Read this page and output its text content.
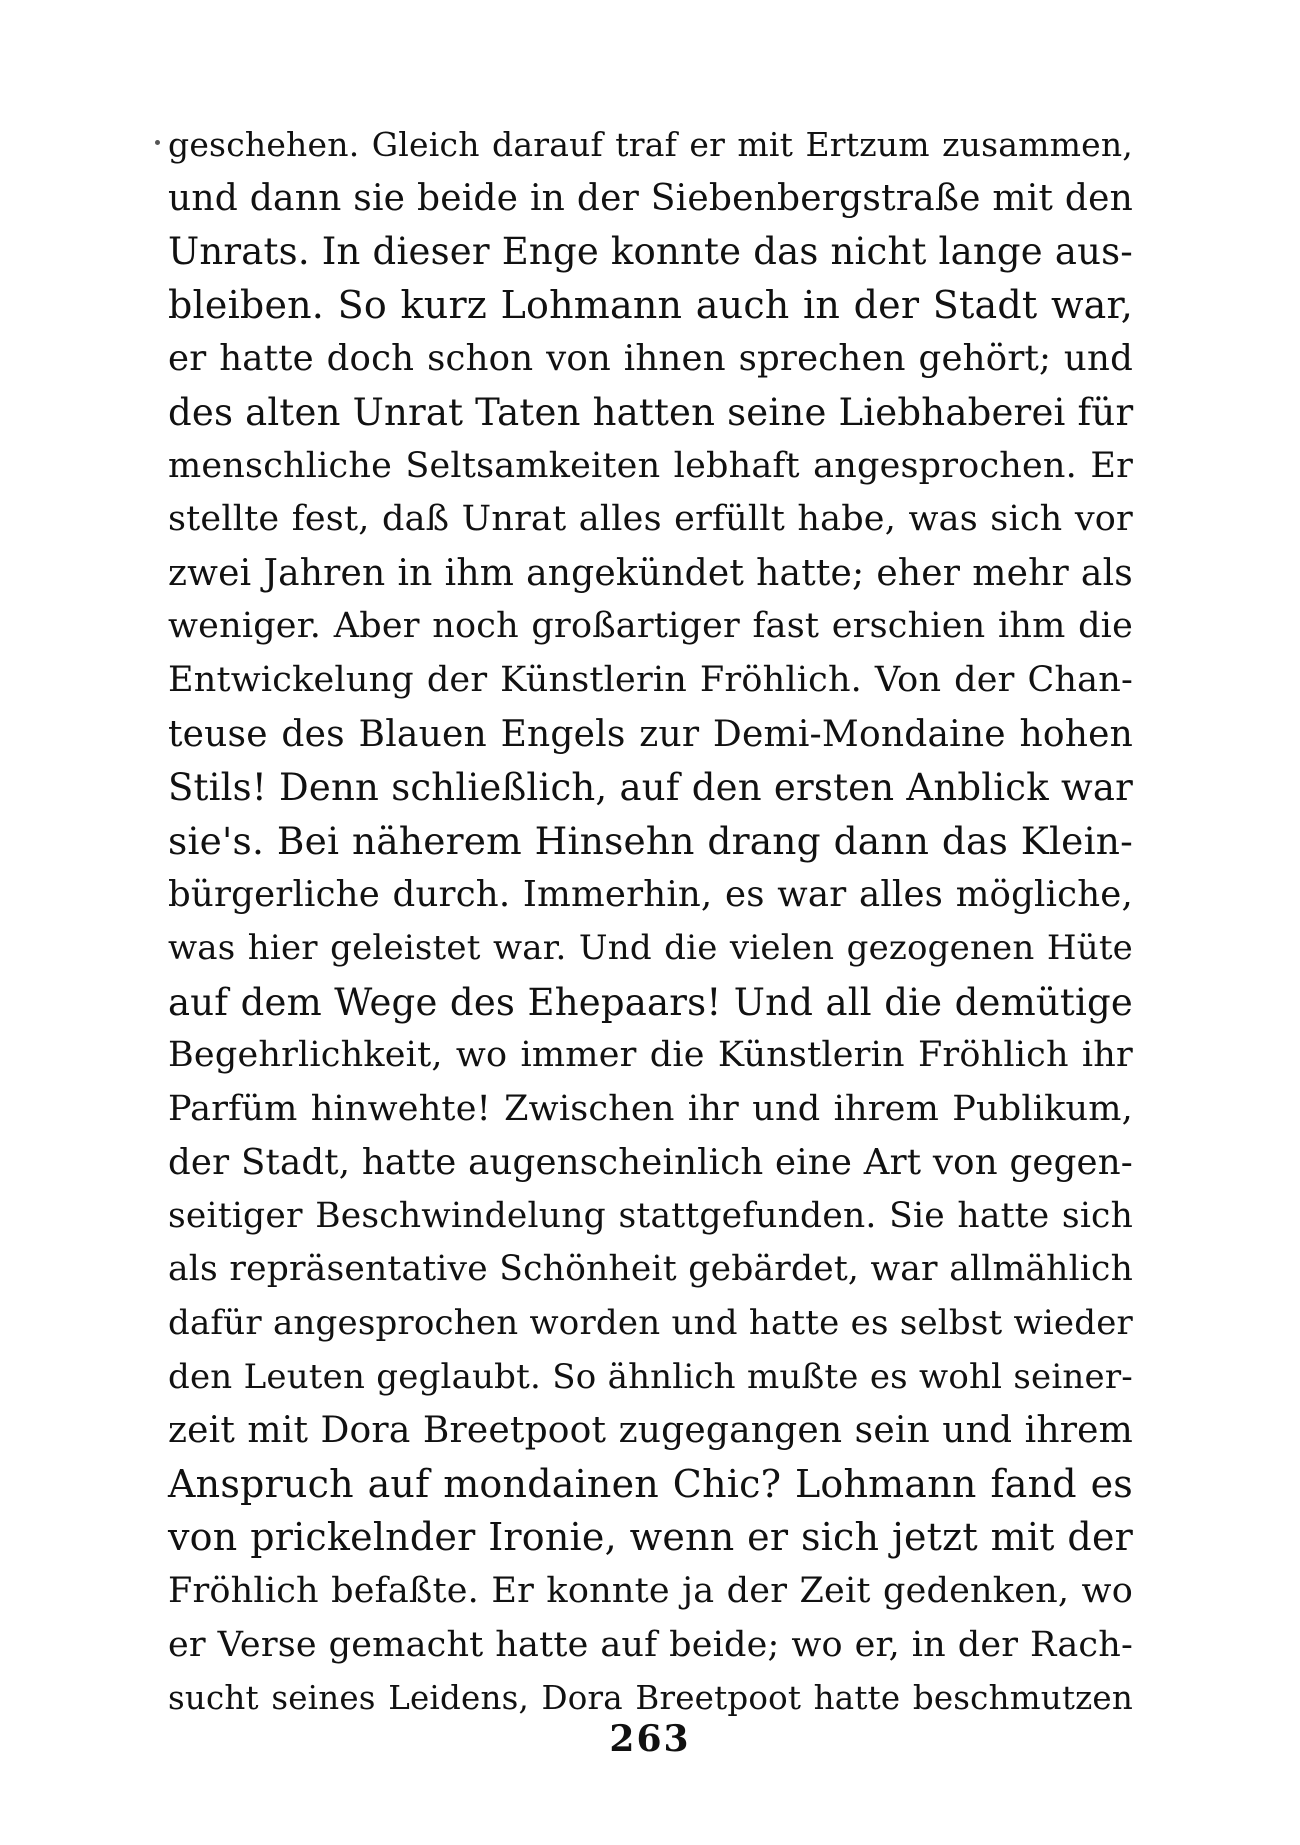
geschehen. Gleich darauf traf er mit Ertzum zusammen,
und dann sie beide in der Siebenbergstraße mit den
Unrats. In dieser Enge konnte das nicht lange aus-
bleiben. So kurz Lohmann auch in der Stadt war,
er hatte doch schon von ihnen sprechen gehört; und
des alten Unrat Taten hatten seine Liebhaberei für
menschliche Seltsamkeiten lebhaft angesprochen. Er
stellte fest, daß Unrat alles erfüllt habe, was sich vor
zwei Jahren in ihm angekündet hatte; eher mehr als
weniger. Aber noch großartiger fast erschien ihm die
Entwickelung der Künstlerin Fröhlich. Von der Chan-
teuse des Blauen Engels zur Demi-Mondaine hohen
Stils! Denn schließlich, auf den ersten Anblick war
sie's. Bei näherem Hinsehn drang dann das Klein-
bürgerliche durch. Immerhin, es war alles mögliche,
was hier geleistet war. Und die vielen gezogenen Hüte
auf dem Wege des Ehepaars! Und all die demütige
Begehrlichkeit, wo immer die Künstlerin Fröhlich ihr
Parfüm hinwehte! Zwischen ihr und ihrem Publikum,
der Stadt, hatte augenscheinlich eine Art von gegen-
seitiger Beschwindelung stattgefunden. Sie hatte sich
als repräsentative Schönheit gebärdet, war allmählich
dafür angesprochen worden und hatte es selbst wieder
den Leuten geglaubt. So ähnlich mußte es wohl seiner-
zeit mit Dora Breetpoot zugegangen sein und ihrem
Anspruch auf mondainen Chic? Lohmann fand es
von prickelnder Ironie, wenn er sich jetzt mit der
Fröhlich befaßte. Er konnte ja der Zeit gedenken, wo
er Verse gemacht hatte auf beide; wo er, in der Rach-
sucht seines Leidens, Dora Breetpoot hatte beschmutzen
263
